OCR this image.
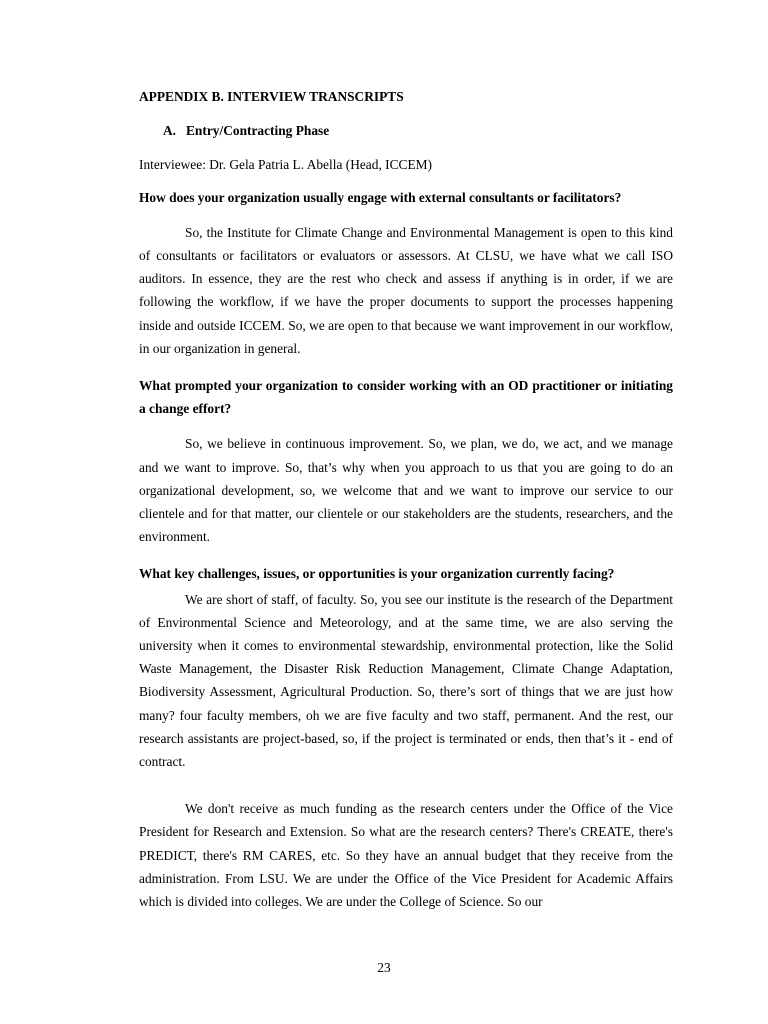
APPENDIX B. INTERVIEW TRANSCRIPTS

A. Entry/Contracting Phase

Interviewee: Dr. Gela Patria L. Abella (Head, ICCEM)

How does your organization usually engage with external consultants or facilitators?

So, the Institute for Climate Change and Environmental Management is open to this kind of consultants or facilitators or evaluators or assessors. At CLSU, we have what we call ISO auditors. In essence, they are the rest who check and assess if anything is in order, if we are following the workflow, if we have the proper documents to support the processes happening inside and outside ICCEM. So, we are open to that because we want improvement in our workflow, in our organization in general.

What prompted your organization to consider working with an OD practitioner or initiating a change effort?

So, we believe in continuous improvement. So, we plan, we do, we act, and we manage and we want to improve. So, that’s why when you approach to us that you are going to do an organizational development, so, we welcome that and we want to improve our service to our clientele and for that matter, our clientele or our stakeholders are the students, researchers, and the environment.

What key challenges, issues, or opportunities is your organization currently facing?

We are short of staff, of faculty. So, you see our institute is the research of the Department of Environmental Science and Meteorology, and at the same time, we are also serving the university when it comes to environmental stewardship, environmental protection, like the Solid Waste Management, the Disaster Risk Reduction Management, Climate Change Adaptation, Biodiversity Assessment, Agricultural Production. So, there’s sort of things that we are just how many? four faculty members, oh we are five faculty and two staff, permanent. And the rest, our research assistants are project-based, so, if the project is terminated or ends, then that’s it - end of contract.

We don't receive as much funding as the research centers under the Office of the Vice President for Research and Extension. So what are the research centers? There's CREATE, there's PREDICT, there's RM CARES, etc. So they have an annual budget that they receive from the administration. From LSU. We are under the Office of the Vice President for Academic Affairs which is divided into colleges. We are under the College of Science. So our

23
